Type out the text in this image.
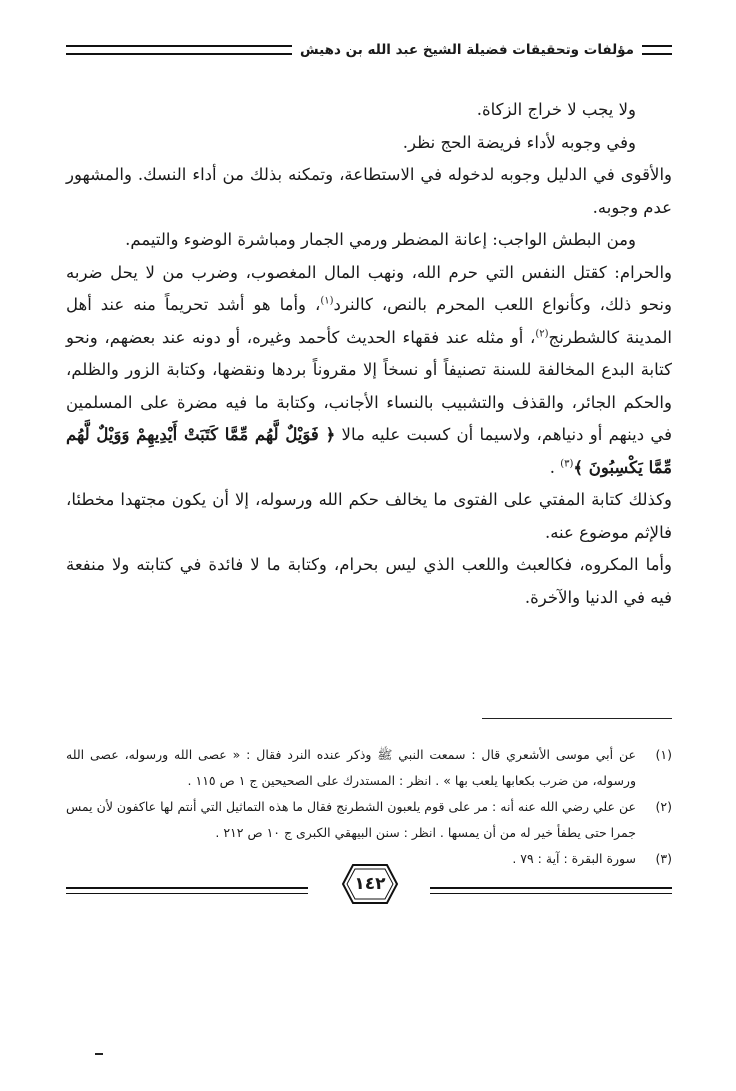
مؤلفات وتحقيقات فضيلة الشيخ عبد الله بن دهيش

ولا يجب لا خراج الزكاة.

وفي وجوبه لأداء فريضة الحج نظر.

والأقوى في الدليل وجوبه لدخوله في الاستطاعة، وتمكنه بذلك من أداء النسك. والمشهور عدم وجوبه.

ومن البطش الواجب: إعانة المضطر ورمي الجمار ومباشرة الوضوء والتيمم.

والحرام: كقتل النفس التي حرم الله، ونهب المال المغصوب، وضرب من لا يحل ضربه ونحو ذلك، وكأنواع اللعب المحرم بالنص، كالنرد$^{(١)}$، وأما هو أشد تحريماً منه عند أهل المدينة كالشطرنج$^{(٢)}$، أو مثله عند فقهاء الحديث كأحمد وغيره، أو دونه عند بعضهم، ونحو كتابة البدع المخالفة للسنة تصنيفاً أو نسخاً إلا مقروناً بردها ونقضها، وكتابة الزور والظلم، والحكم الجائر، والقذف والتشبيب بالنساء الأجانب، وكتابة ما فيه مضرة على المسلمين في دينهم أو دنياهم، ولاسيما أن كسبت عليه مالا ﴿ فَوَيْلٌ لَّهُم مِّمَّا كَتَبَتْ أَيْدِيهِمْ وَوَيْلٌ لَّهُم مِّمَّا يَكْسِبُونَ ﴾$^{(٣)}$ .

وكذلك كتابة المفتي على الفتوى ما يخالف حكم الله ورسوله، إلا أن يكون مجتهدا مخطئا، فالإثم موضوع عنه.

وأما المكروه، فكالعبث واللعب الذي ليس بحرام، وكتابة ما لا فائدة في كتابته ولا منفعة فيه في الدنيا والآخرة.

(١)
عن أبي موسى الأشعري قال : سمعت النبي ﷺ وذكر عنده النرد فقال : « عصى الله ورسوله، عصى الله ورسوله، من ضرب بكعابها يلعب بها » . انظر : المستدرك على الصحيحين ج ١ ص ١١٥ .
(٢)
عن علي رضي الله عنه أنه : مر على قوم يلعبون الشطرنج فقال ما هذه التماثيل التي أنتم لها عاكفون لأن يمس جمرا حتى يطفأ خير له من أن يمسها . انظر : سنن البيهقي الكبرى ج ١٠ ص ٢١٢ .
(٣)
سورة البقرة : آية : ٧٩ .
١٤٢
